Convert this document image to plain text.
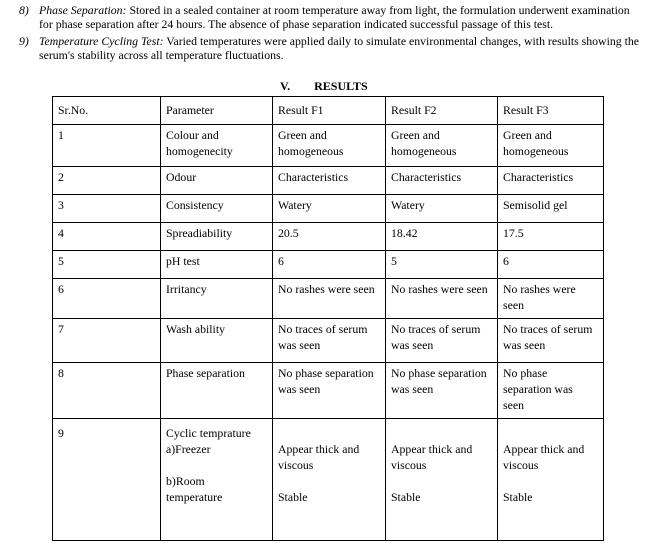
8) Phase Separation: Stored in a sealed container at room temperature away from light, the formulation underwent examination
for phase separation after 24 hours. The absence of phase separation indicated successful passage of this test.
9) Temperature Cycling Test: Varied temperatures were applied daily to simulate environmental changes, with results showing the
serum's stability across all temperature fluctuations.
V. RESULTS
Sr.No.	Parameter	Result F1	Result F2	Result F3
1	Colour and
homogenecity	Green and
homogeneous	Green and
homogeneous	Green and
homogeneous

2	Odour	Characteristics	Characteristics	Characteristics

3	Consistency	Watery	Watery	Semisolid gel

4	Spreadiability	20.5	18.42	17.5

5	pH test	6	5	6

6	Irritancy	No rashes were seen	No rashes were seen	No rashes were
seen

7	Wash ability	No traces of serum
was seen	No traces of serum
was seen	No traces of serum
was seen

8	Phase separation	No phase separation
was seen	No phase separation
was seen	No phase
separation was
seen

9	Cyclic temprature
a)Freezer
b)Room
temperature	Appear thick and
viscous
Stable	Appear thick and
viscous
Stable	Appear thick and
viscous
Stable
